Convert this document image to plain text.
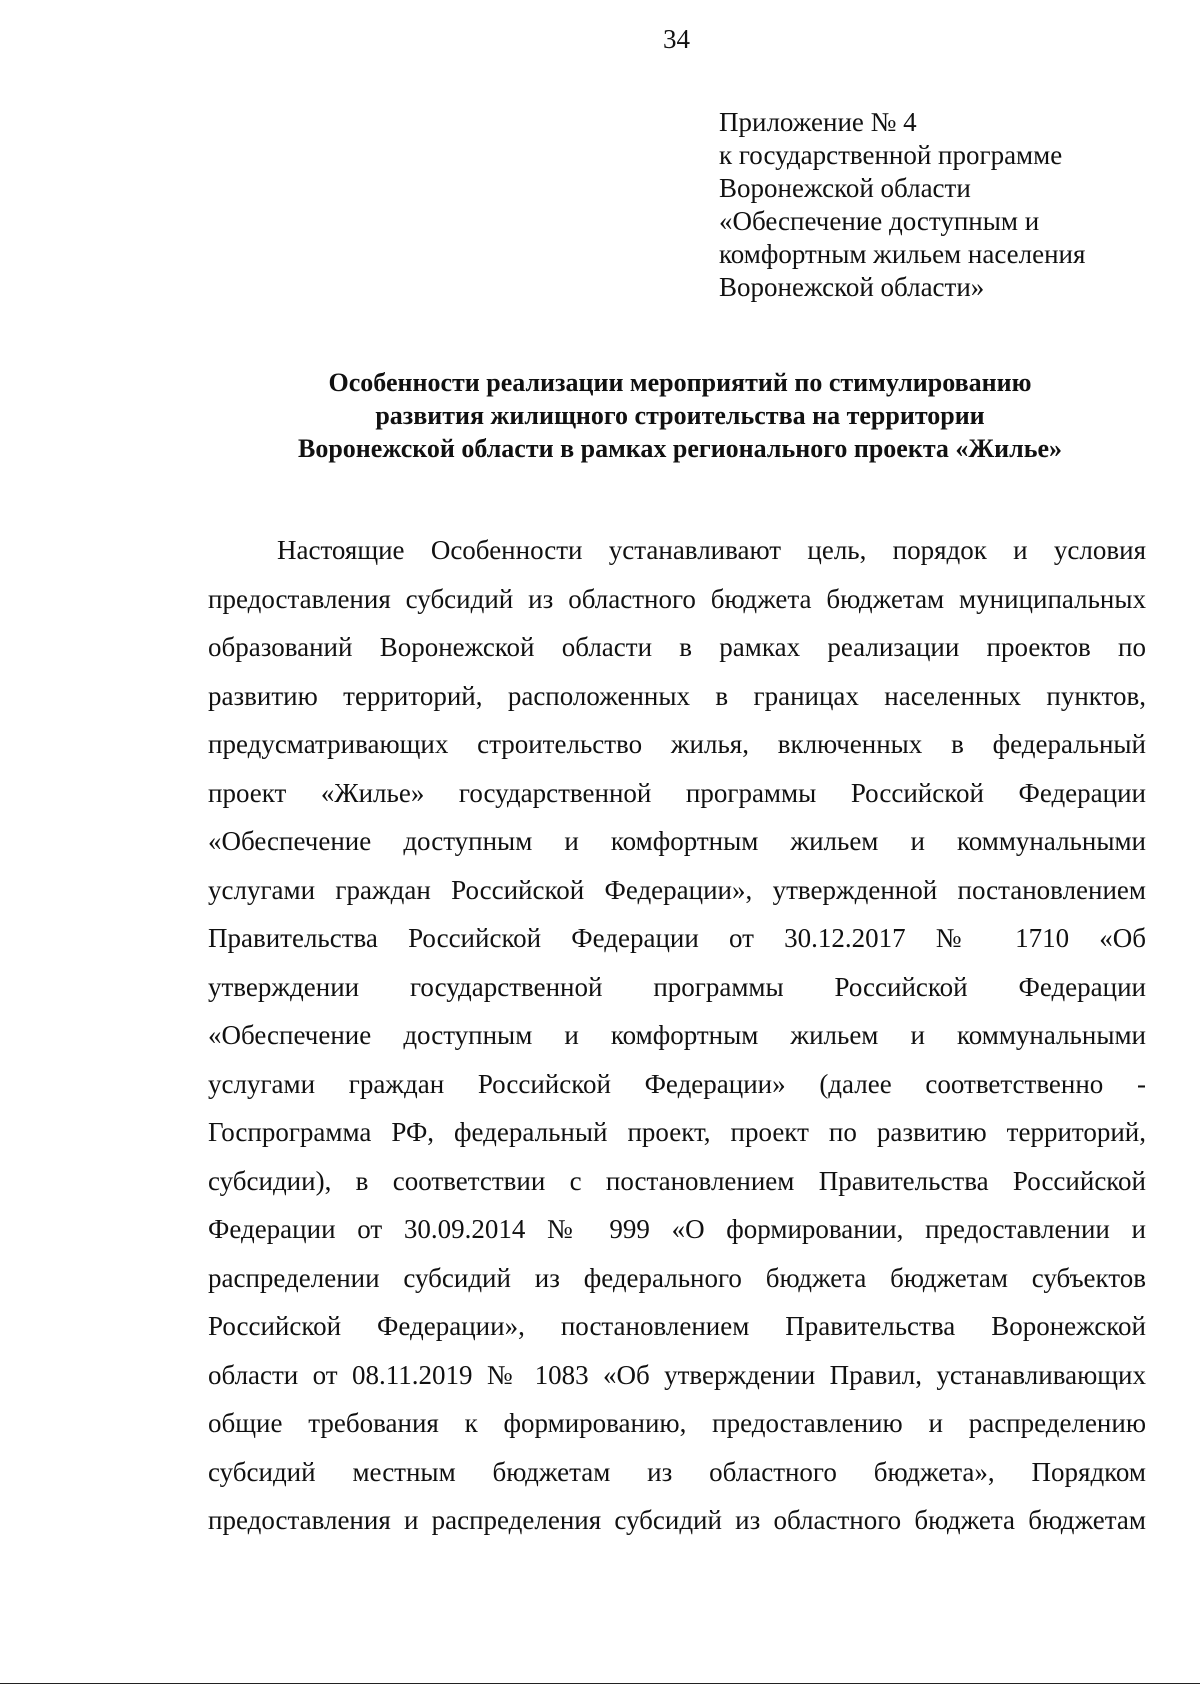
34
Приложение № 4
к государственной программе
Воронежской области
«Обеспечение доступным и
комфортным жильем населения
Воронежской области»
Особенности реализации мероприятий по стимулированию
развития жилищного строительства на территории
Воронежской области в рамках регионального проекта «Жилье»
Настоящие Особенности устанавливают цель, порядок и условия
предоставления субсидий из областного бюджета бюджетам муниципальных
образований Воронежской области в рамках реализации проектов по
развитию территорий, расположенных в границах населенных пунктов,
предусматривающих строительство жилья, включенных в федеральный
проект «Жилье» государственной программы Российской Федерации
«Обеспечение доступным и комфортным жильем и коммунальными
услугами граждан Российской Федерации», утвержденной постановлением
Правительства Российской Федерации от 30.12.2017 № 1710 «Об
утверждении государственной программы Российской Федерации
«Обеспечение доступным и комфортным жильем и коммунальными
услугами граждан Российской Федерации» (далее соответственно -
Госпрограмма РФ, федеральный проект, проект по развитию территорий,
субсидии), в соответствии с постановлением Правительства Российской
Федерации от 30.09.2014 № 999 «О формировании, предоставлении и
распределении субсидий из федерального бюджета бюджетам субъектов
Российской Федерации», постановлением Правительства Воронежской
области от 08.11.2019 № 1083 «Об утверждении Правил, устанавливающих
общие требования к формированию, предоставлению и распределению
субсидий местным бюджетам из областного бюджета», Порядком
предоставления и распределения субсидий из областного бюджета бюджетам
